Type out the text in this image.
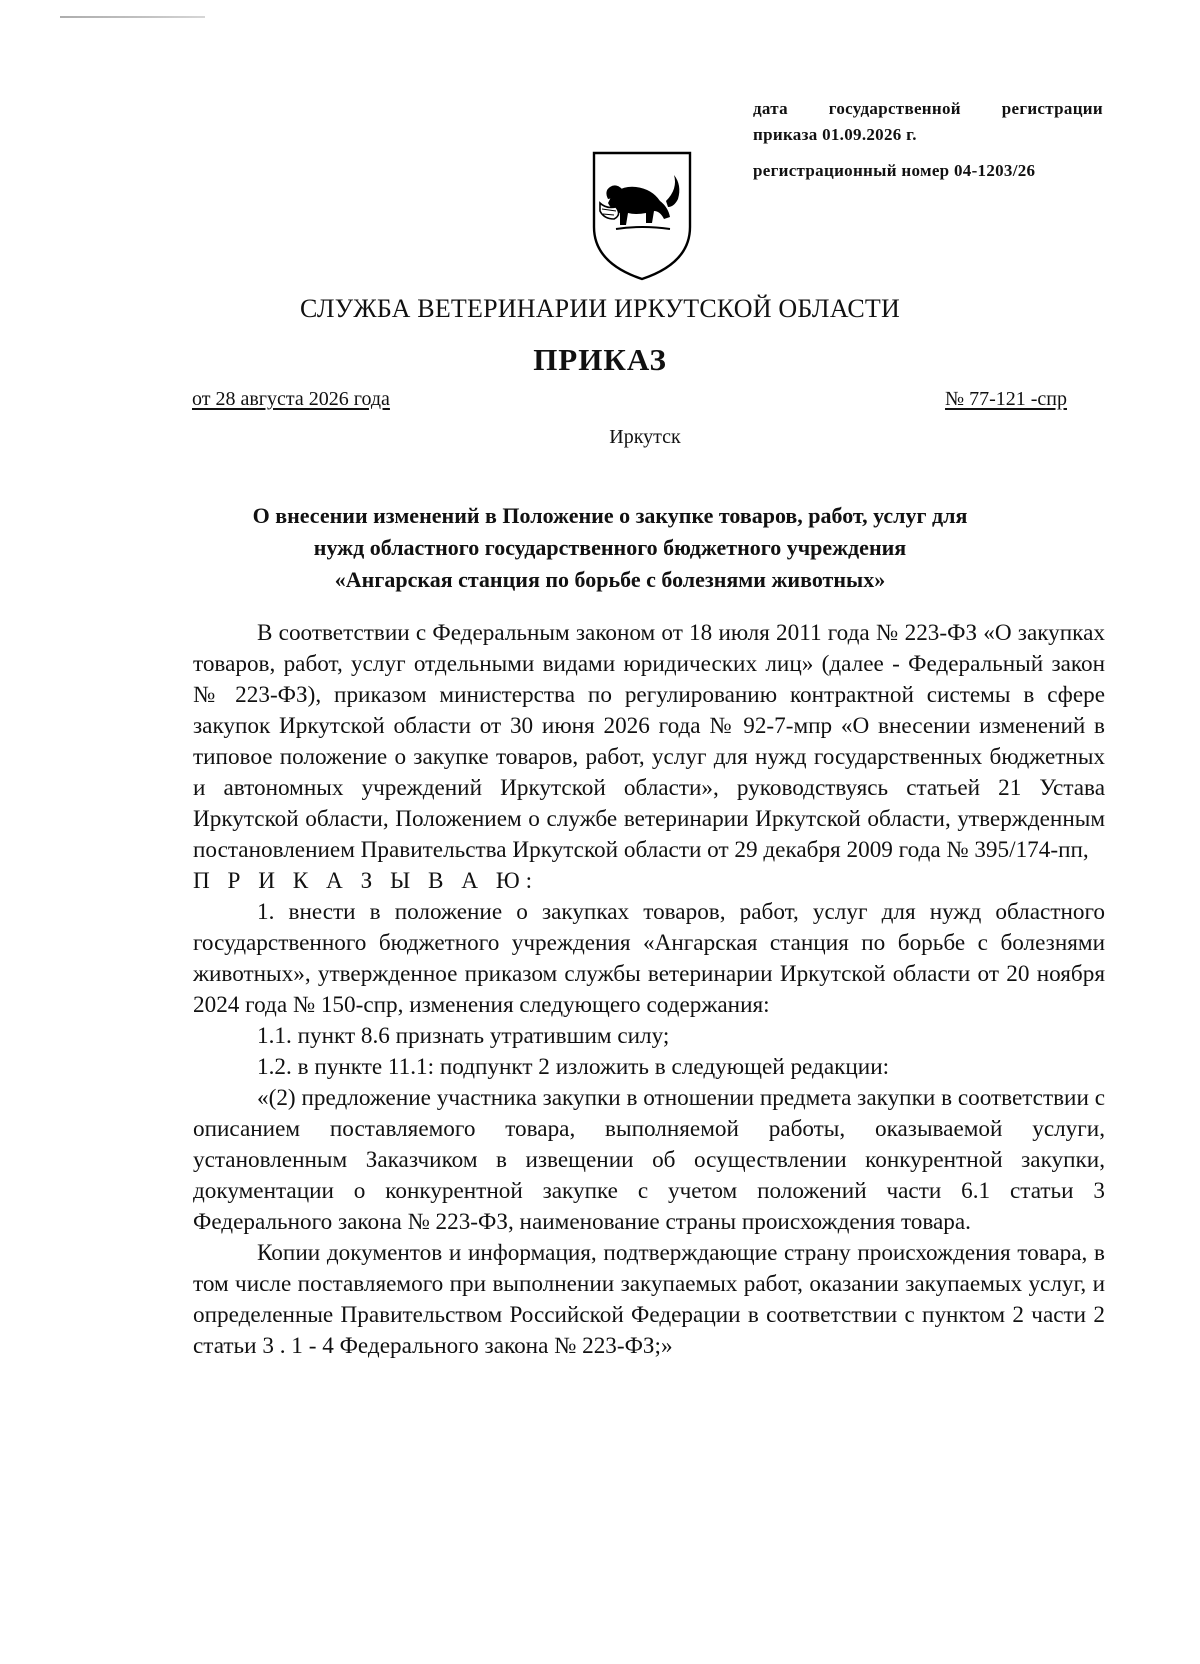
дата государственной регистрации
приказа 01.09.2026 г.
регистрационный номер 04-1203/26
СЛУЖБА ВЕТЕРИНАРИИ ИРКУТСКОЙ ОБЛАСТИ
ПРИКАЗ
от 28 августа 2026 года	№ 77-121 -спр
Иркутск
О внесении изменений в Положение о закупке товаров, работ, услуг для
нужд областного государственного бюджетного учреждения
«Ангарская станция по борьбе с болезнями животных»

В соответствии с Федеральным законом от 18 июля 2011 года № 223-ФЗ «О закупках товаров, работ, услуг отдельными видами юридических лиц» (далее - Федеральный закон № 223-ФЗ), приказом министерства по регулированию контрактной системы в сфере закупок Иркутской области от 30 июня 2026 года № 92-7-мпр «О внесении изменений в типовое положение о закупке товаров, работ, услуг для нужд государственных бюджетных и автономных учреждений Иркутской области», руководствуясь статьей 21 Устава Иркутской области, Положением о службе ветеринарии Иркутской области, утвержденным постановлением Правительства Иркутской области от 29 декабря 2009 года № 395/174-пп,

П Р И К А З Ы В А Ю:

1. внести в положение о закупках товаров, работ, услуг для нужд областного государственного бюджетного учреждения «Ангарская станция по борьбе с болезнями животных», утвержденное приказом службы ветеринарии Иркутской области от 20 ноября 2024 года № 150-спр, изменения следующего содержания:

1.1. пункт 8.6 признать утратившим силу;

1.2. в пункте 11.1: подпункт 2 изложить в следующей редакции:

«(2) предложение участника закупки в отношении предмета закупки в соответствии с описанием поставляемого товара, выполняемой работы, оказываемой услуги, установленным Заказчиком в извещении об осуществлении конкурентной закупки, документации о конкурентной закупке с учетом положений части 6.1 статьи 3 Федерального закона № 223-ФЗ, наименование страны происхождения товара.

Копии документов и информация, подтверждающие страну происхождения товара, в том числе поставляемого при выполнении закупаемых работ, оказании закупаемых услуг, и определенные Правительством Российской Федерации в соответствии с пунктом 2 части 2 статьи 3 . 1 - 4 Федерального закона № 223-ФЗ;»
